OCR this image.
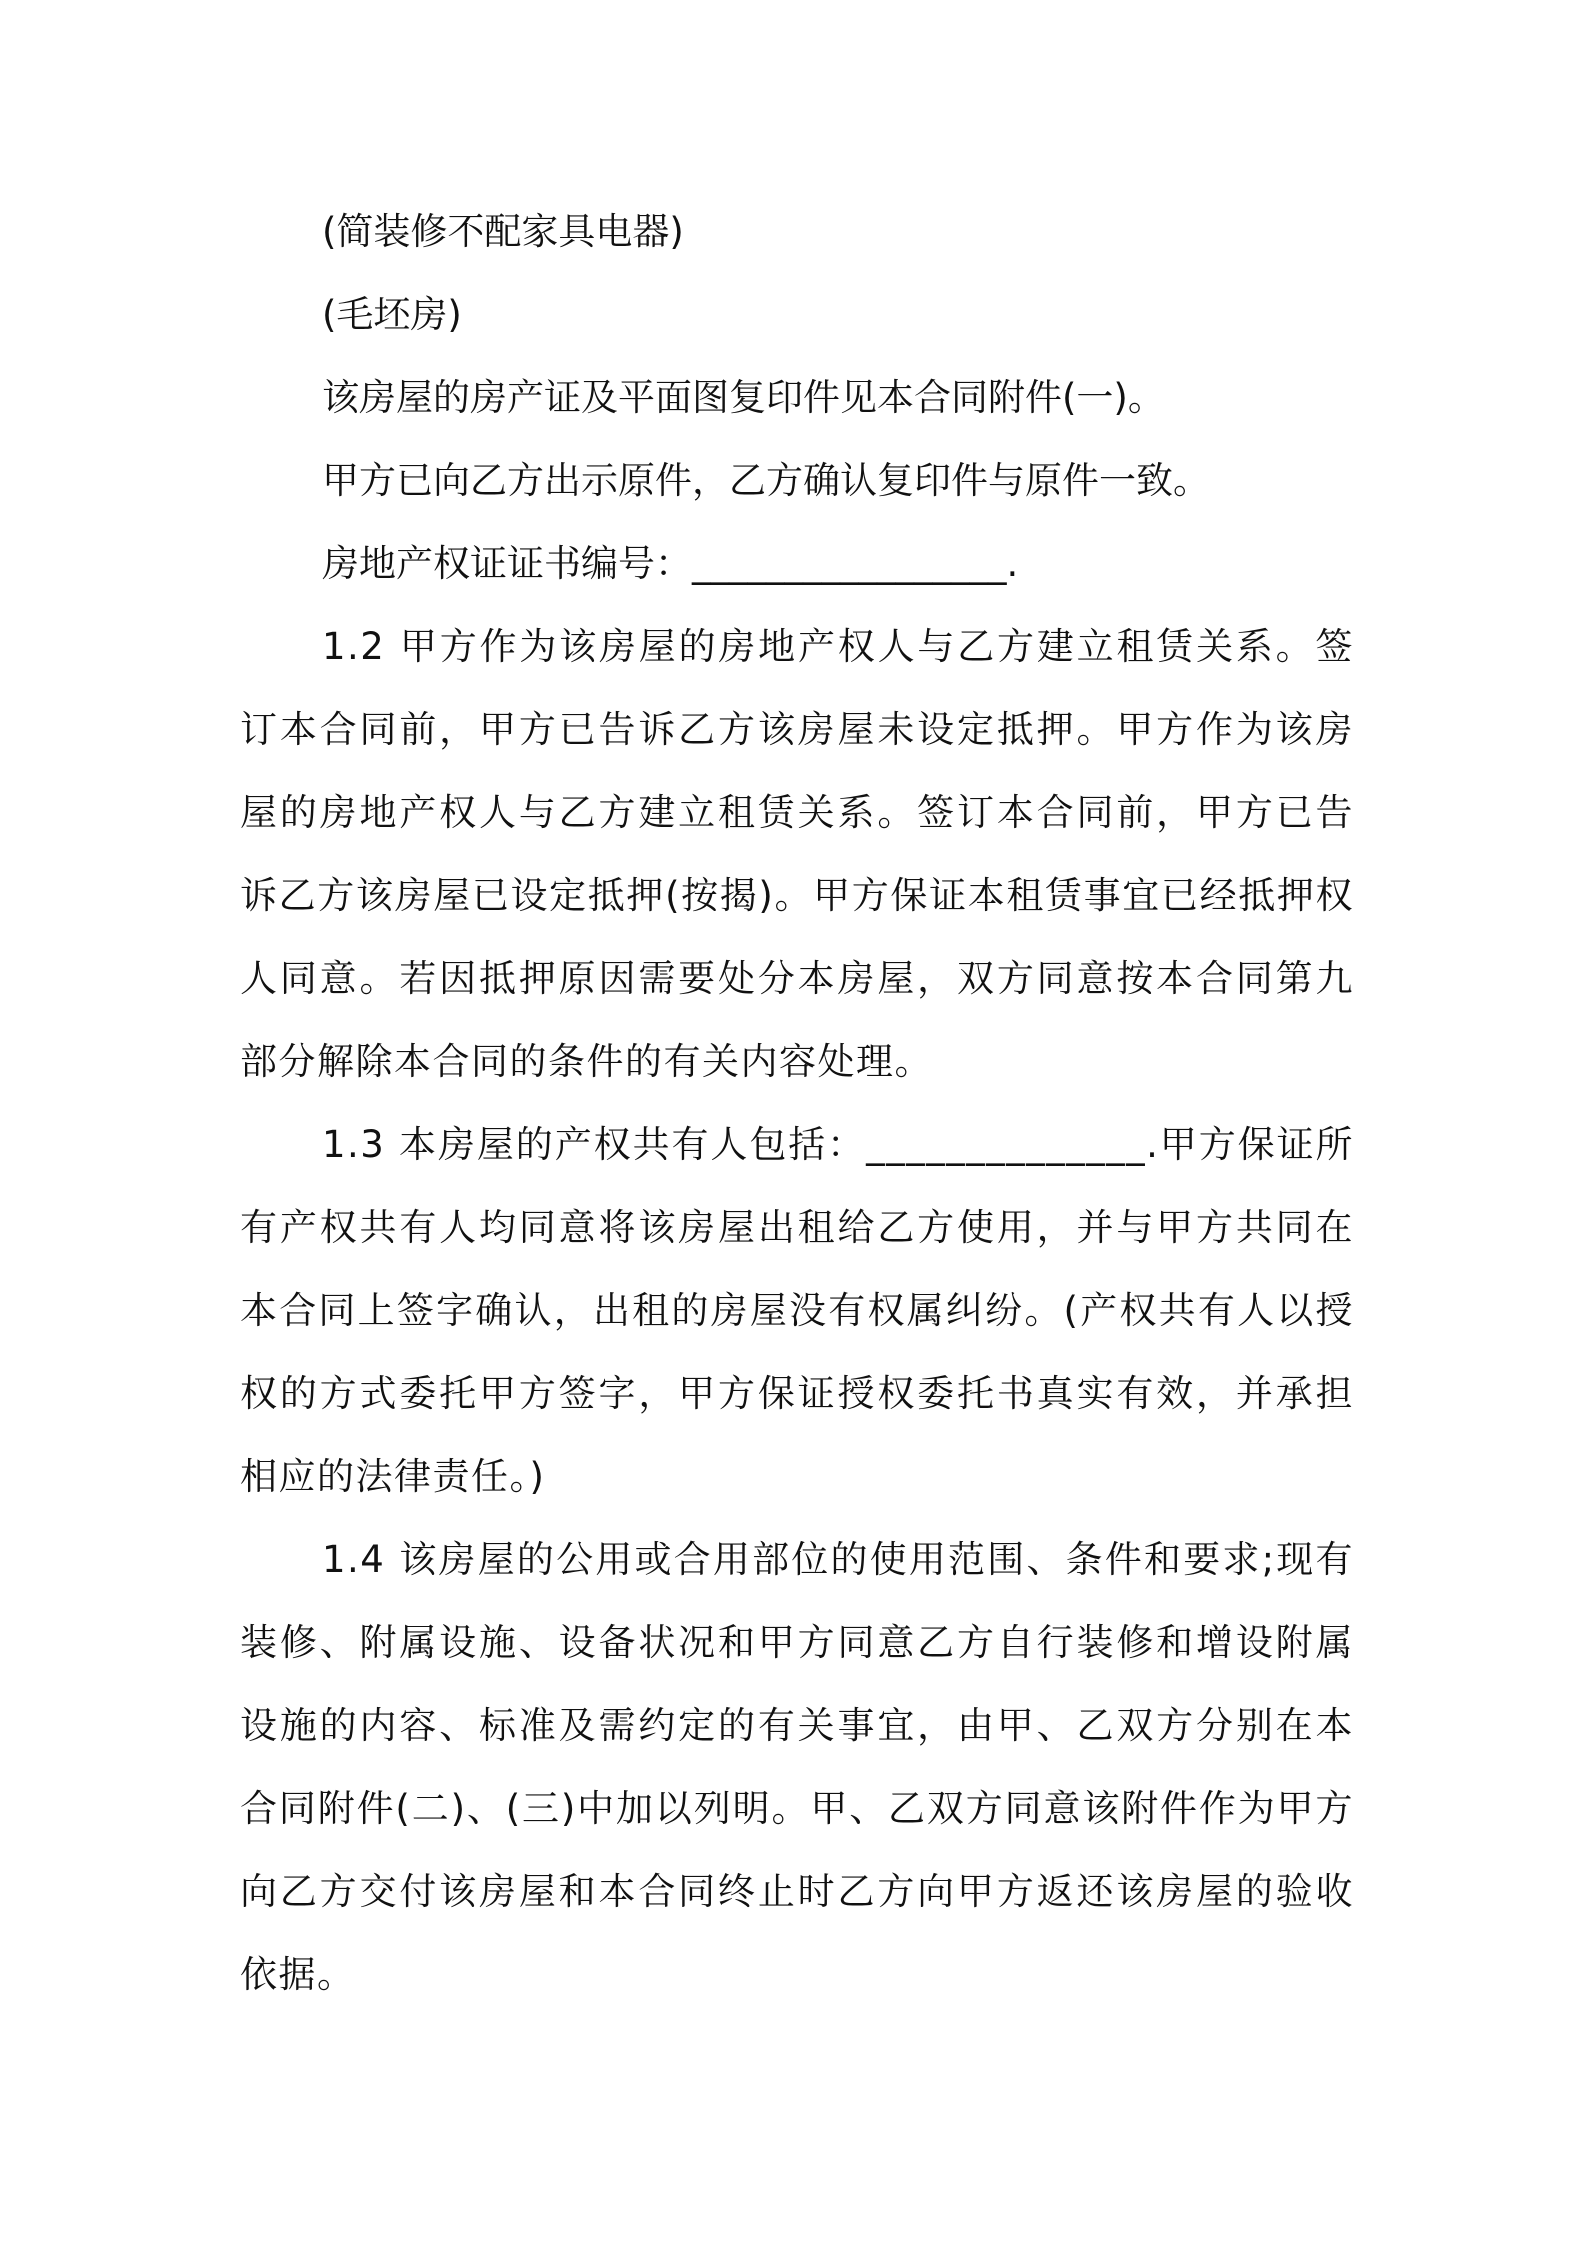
(简装修不配家具电器)

(毛坯房)

该房屋的房产证及平面图复印件见本合同附件(一)。

甲方已向乙方出示原件，乙方确认复印件与原件一致。

房地产权证证书编号：_________________.

1.2 甲方作为该房屋的房地产权人与乙方建立租赁关系。签订本合同前，甲方已告诉乙方该房屋未设定抵押。甲方作为该房屋的房地产权人与乙方建立租赁关系。签订本合同前，甲方已告诉乙方该房屋已设定抵押(按揭)。甲方保证本租赁事宜已经抵押权人同意。若因抵押原因需要处分本房屋，双方同意按本合同第九部分解除本合同的条件的有关内容处理。

1.3 本房屋的产权共有人包括：______________.甲方保证所有产权共有人均同意将该房屋出租给乙方使用，并与甲方共同在本合同上签字确认，出租的房屋没有权属纠纷。(产权共有人以授权的方式委托甲方签字，甲方保证授权委托书真实有效，并承担相应的法律责任。)

1.4 该房屋的公用或合用部位的使用范围、条件和要求;现有装修、附属设施、设备状况和甲方同意乙方自行装修和增设附属设施的内容、标准及需约定的有关事宜，由甲、乙双方分别在本合同附件(二)、(三)中加以列明。甲、乙双方同意该附件作为甲方向乙方交付该房屋和本合同终止时乙方向甲方返还该房屋的验收依据。
